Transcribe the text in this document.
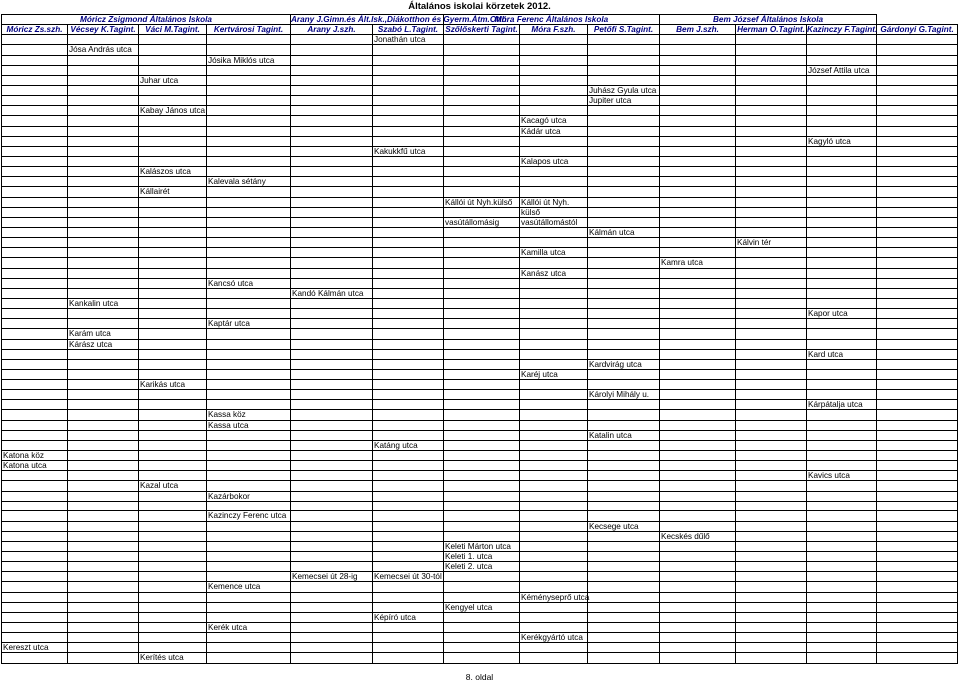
Általános iskolai körzetek 2012.
Móricz Zsigmond Általános Iskola				Arany J.Gimn.és Ált.Isk.,Diákotthon és Gyerm.Átm.Otth.		Móra Ferenc Általános Iskola			Bem József Általános Iskola			
Móricz Zs.szh.	Vécsey K.Tagint.	Váci M.Tagint.	Kertvárosi Tagint.	Arany J.szh.	Szabó L.Tagint.	Szőlőskerti Tagint.	Móra F.szh.	Petőfi S.Tagint.	Bem J.szh.	Herman O.Tagint.	Kazinczy F.Tagint.	Gárdonyi G.Tagint.
					Jonathán utca							
	Jósa András utca											
			Jósika Miklós utca									
											József Attila utca	
		Juhar utca										
								Juhász Gyula utca				
								Jupiter utca				
		Kabay János utca										
							Kacagó utca					
							Kádár utca					
											Kagyló utca	
					Kakukkfű utca							
							Kalapos utca					
		Kalászos utca										
			Kalevala sétány									
		Kállairét										
						Kállói út Nyh.külső	Kállói út Nyh.					
							külső					
						vasútállomásig	vasútállomástól					
								Kálmán utca				
										Kálvin tér		
							Kamilla utca					
									Kamra utca			
							Kanász utca					
			Kancsó utca									
				Kandó Kálmán utca								
	Kankalin utca											
											Kapor utca	
			Kaptár utca									
	Karám utca											
	Kárász utca											
											Kard utca	
								Kardvirág utca				
							Karéj utca					
		Karikás utca										
								Károlyi Mihály u.				
											Kárpátalja utca	
			Kassa köz									
			Kassa utca									
								Katalin utca				
					Katáng utca							
Katona köz												
Katona utca												
											Kavics utca	
		Kazal utca										
			Kazárbokor									

			Kazinczy Ferenc utca									
								Kecsege utca				
									Kecskés dűlő			
						Keleti Márton utca						
						Keleti 1. utca						
						Keleti 2. utca						
				Kemecsei út 28-ig	Kemecsei út 30-tól							
			Kemence utca									
							Kéményseprő utca					
						Kengyel utca						
					Képíró utca							
			Kerék utca									
							Kerékgyártó utca					
Kereszt utca												
		Kerítés utca										
8. oldal
